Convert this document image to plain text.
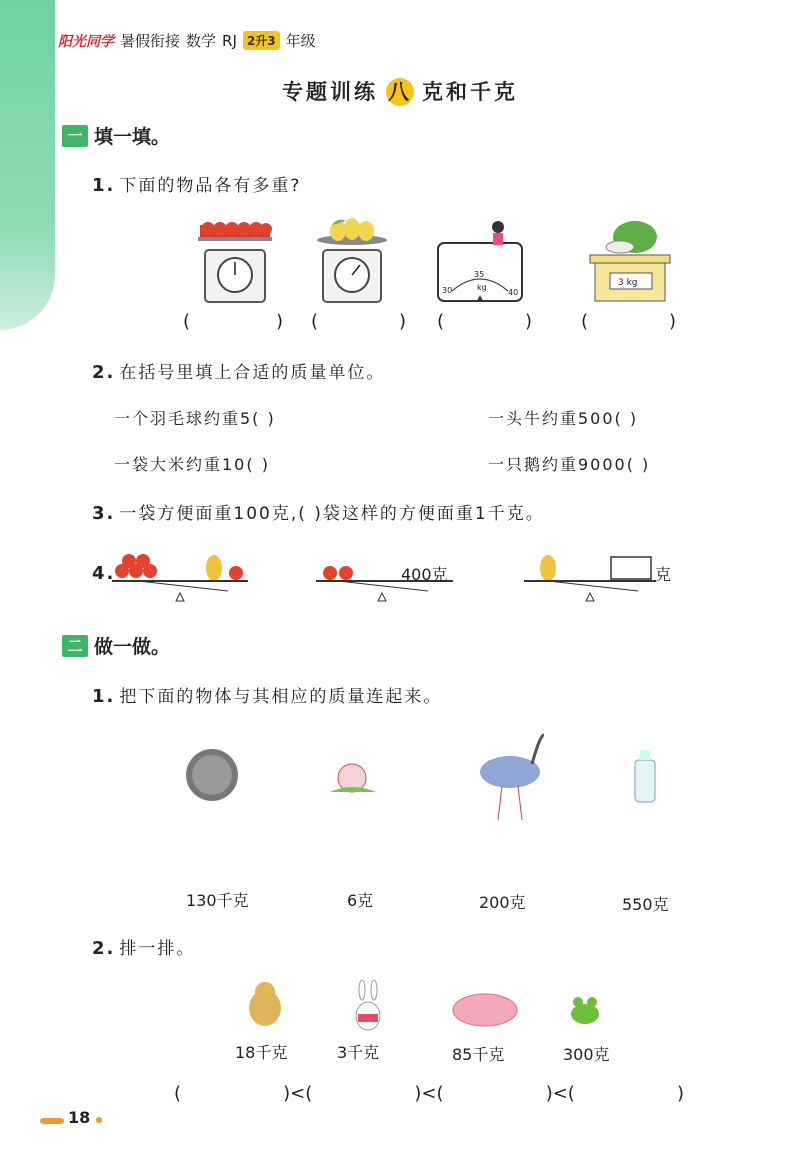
阳光同学 暑假衔接 数学 RJ 2升3 年级
专题训练 八 克和千克
一 填一填。
1. 下面的物品各有多重?
35
30	40
kg	3 kg
(	) (	) (	)	(	)
2. 在括号里填上合适的质量单位。
一个羽毛球约重5( )	一头牛约重500( )
一袋大米约重10( )	一只鹅约重9000( )
3. 一袋方便面重100克,( )袋这样的方便面重1千克。
4.	400克	克
二 做一做。
1. 把下面的物体与其相应的质量连起来。
130千克	6克	200克	550克
2. 排一排。
18千克	3千克	85千克	300克
(	)<(	)<(	)<(	)
18
